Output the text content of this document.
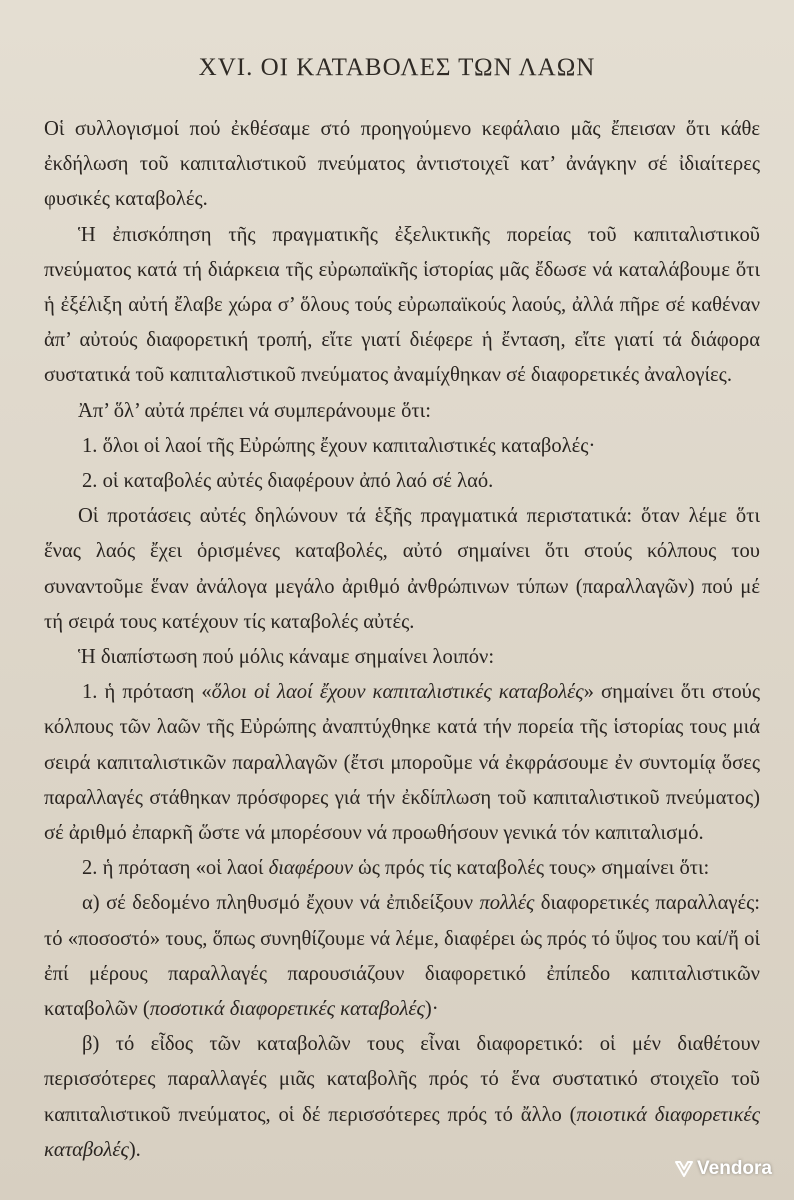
XVI. ΟΙ ΚΑΤΑΒΟΛΕΣ ΤΩΝ ΛΑΩΝ

Οἱ συλλογισμοί πού ἐκθέσαμε στό προηγούμενο κεφάλαιο μᾶς ἔπεισαν ὅτι κάθε ἐκδήλωση τοῦ καπιταλιστικοῦ πνεύματος ἀντιστοιχεῖ κατ’ ἀνάγκην σέ ἰδιαίτερες φυσικές καταβολές.

Ἡ ἐπισκόπηση τῆς πραγματικῆς ἐξελικτικῆς πορείας τοῦ καπιταλιστικοῦ πνεύματος κατά τή διάρκεια τῆς εὐρωπαϊκῆς ἱστορίας μᾶς ἔδωσε νά καταλάβουμε ὅτι ἡ ἐξέλιξη αὐτή ἔλαβε χώρα σ’ ὅλους τούς εὐρωπαϊκούς λαούς, ἀλλά πῆρε σέ καθέναν ἀπ’ αὐτούς διαφορετική τροπή, εἴτε γιατί διέφερε ἡ ἔνταση, εἴτε γιατί τά διάφορα συστατικά τοῦ καπιταλιστικοῦ πνεύματος ἀναμίχθηκαν σέ διαφορετικές ἀναλογίες.

Ἀπ’ ὅλ’ αὐτά πρέπει νά συμπεράνουμε ὅτι:

1. ὅλοι οἱ λαοί τῆς Εὐρώπης ἔχουν καπιταλιστικές καταβολές·

2. οἱ καταβολές αὐτές διαφέρουν ἀπό λαό σέ λαό.

Οἱ προτάσεις αὐτές δηλώνουν τά ἑξῆς πραγματικά περιστατικά: ὅταν λέμε ὅτι ἕνας λαός ἔχει ὁρισμένες καταβολές, αὐτό σημαίνει ὅτι στούς κόλπους του συναντοῦμε ἕναν ἀνάλογα μεγάλο ἀριθμό ἀνθρώπινων τύπων (παραλλαγῶν) πού μέ τή σειρά τους κατέχουν τίς καταβολές αὐτές.

Ἡ διαπίστωση πού μόλις κάναμε σημαίνει λοιπόν:

1. ἡ πρόταση «ὅλοι οἱ λαοί ἔχουν καπιταλιστικές καταβολές» σημαίνει ὅτι στούς κόλπους τῶν λαῶν τῆς Εὐρώπης ἀναπτύχθηκε κατά τήν πορεία τῆς ἱστορίας τους μιά σειρά καπιταλιστικῶν παραλλαγῶν (ἔτσι μποροῦμε νά ἐκφράσουμε ἐν συντομίᾳ ὅσες παραλλαγές στάθηκαν πρόσφορες γιά τήν ἐκδίπλωση τοῦ καπιταλιστικοῦ πνεύματος) σέ ἀριθμό ἐπαρκῆ ὥστε νά μπορέσουν νά προωθήσουν γενικά τόν καπιταλισμό.

2. ἡ πρόταση «οἱ λαοί διαφέρουν ὡς πρός τίς καταβολές τους» σημαίνει ὅτι:

α) σέ δεδομένο πληθυσμό ἔχουν νά ἐπιδείξουν πολλές διαφορετικές παραλλαγές: τό «ποσοστό» τους, ὅπως συνηθίζουμε νά λέμε, διαφέρει ὡς πρός τό ὕψος του καί/ἤ οἱ ἐπί μέρους παραλλαγές παρουσιάζουν διαφορετικό ἐπίπεδο καπιταλιστικῶν καταβολῶν (ποσοτικά διαφορετικές καταβολές)·

β) τό εἶδος τῶν καταβολῶν τους εἶναι διαφορετικό: οἱ μέν διαθέτουν περισσότερες παραλλαγές μιᾶς καταβολῆς πρός τό ἕνα συστατικό στοιχεῖο τοῦ καπιταλιστικοῦ πνεύματος, οἱ δέ περισσότερες πρός τό ἄλλο (ποιοτικά διαφορετικές καταβολές).

Vendora
